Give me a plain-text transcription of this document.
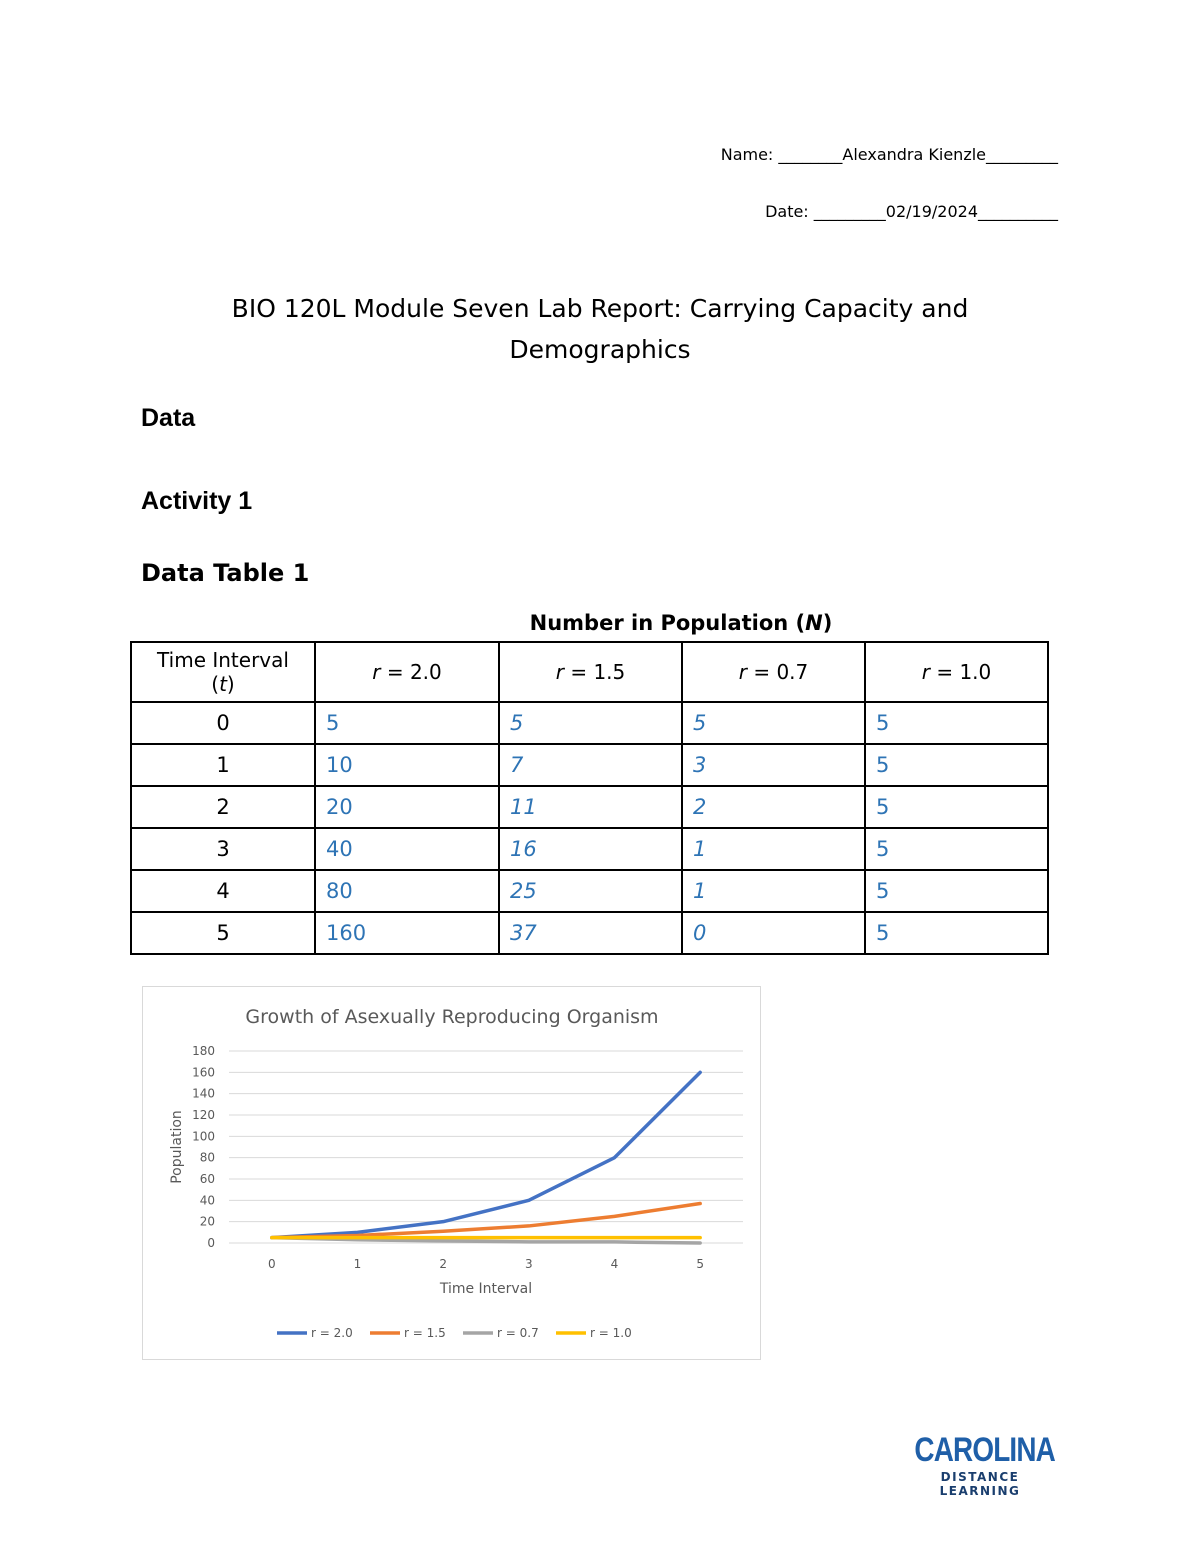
Name: ________Alexandra Kienzle_________
Date: _________02/19/2024__________
BIO 120L Module Seven Lab Report: Carrying Capacity and
Demographics
Data
Activity 1
Data Table 1
Number in Population (N)
Time Interval
(t)	r = 2.0	r = 1.5	r = 0.7	r = 1.0
0	5	5	5	5
1	10	7	3	5
2	20	11	2	5
3	40	16	1	5
4	80	25	1	5
5	160	37	0	5
Growth of Asexually Reproducing Organism
0
20
40
60
80
100
120
140
160
180
0	1	2	3	4	5
Time Interval
Population
r = 2.0	r = 1.5	r = 0.7	r = 1.0
CAROLINA
DISTANCE LEARNING
